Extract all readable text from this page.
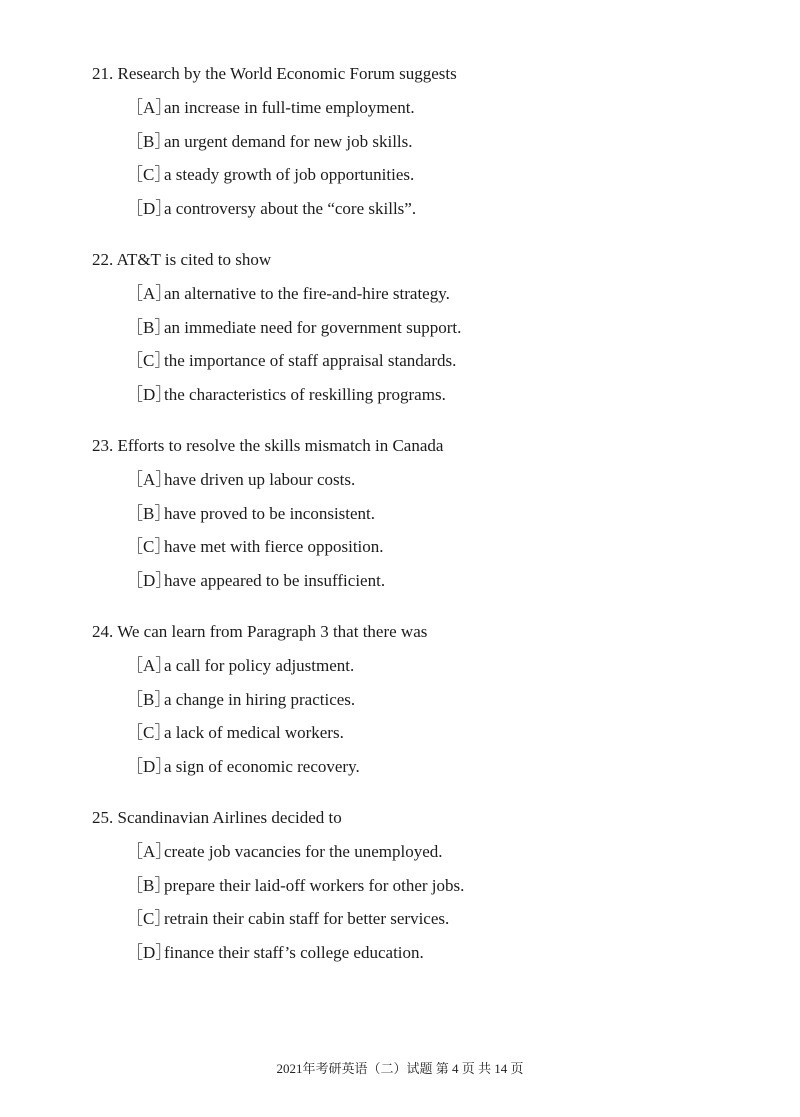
21. Research by the World Economic Forum suggests
［A］an increase in full-time employment.
［B］an urgent demand for new job skills.
［C］a steady growth of job opportunities.
［D］a controversy about the “core skills”.
22. AT&T is cited to show
［A］an alternative to the fire-and-hire strategy.
［B］an immediate need for government support.
［C］the importance of staff appraisal standards.
［D］the characteristics of reskilling programs.
23. Efforts to resolve the skills mismatch in Canada
［A］have driven up labour costs.
［B］have proved to be inconsistent.
［C］have met with fierce opposition.
［D］have appeared to be insufficient.
24. We can learn from Paragraph 3 that there was
［A］a call for policy adjustment.
［B］a change in hiring practices.
［C］a lack of medical workers.
［D］a sign of economic recovery.
25. Scandinavian Airlines decided to
［A］create job vacancies for the unemployed.
［B］prepare their laid-off workers for other jobs.
［C］retrain their cabin staff for better services.
［D］finance their staff’s college education.
2021年考研英语（二）试题 第 4 页 共 14 页
